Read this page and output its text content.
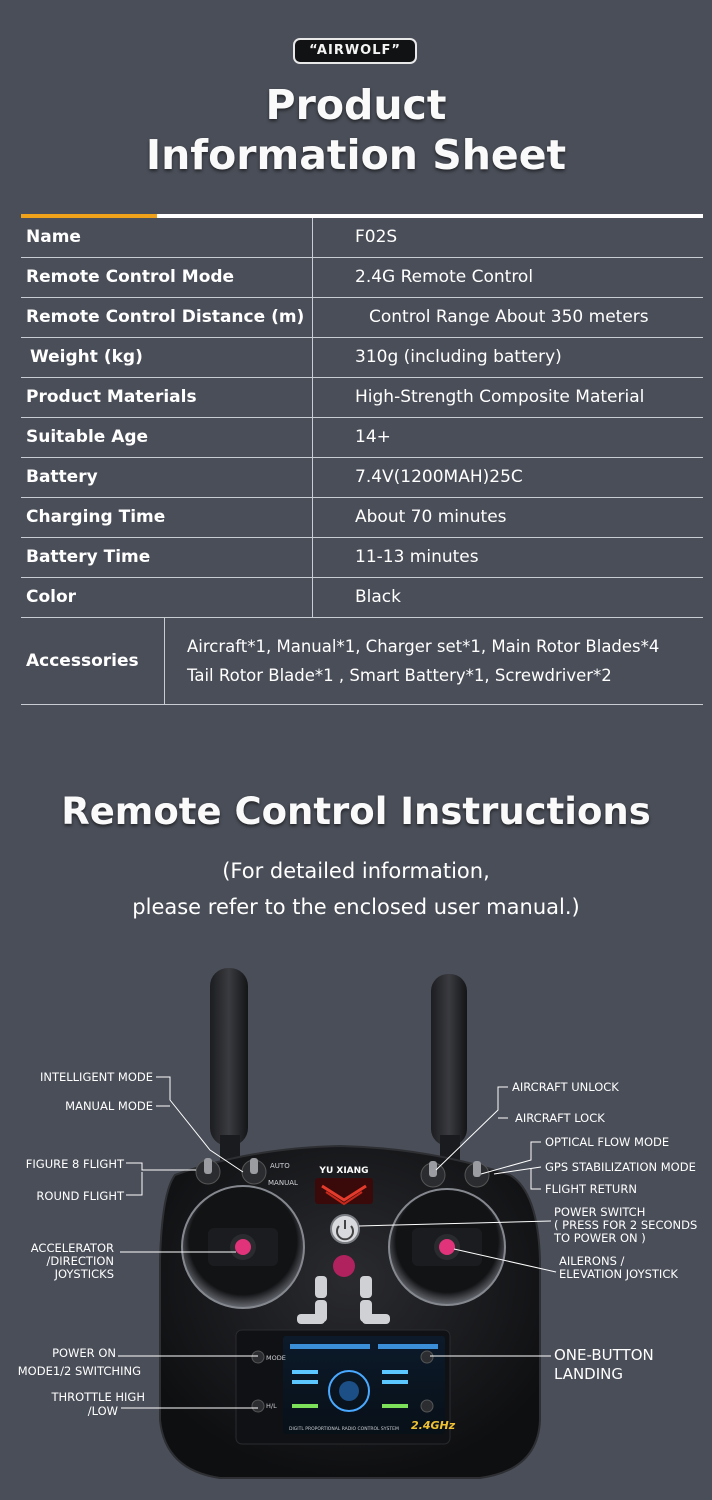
“AIRWOLF”
Product
Information Sheet
Name	F02S
Remote Control Mode	2.4G Remote Control
Remote Control Distance (m)	Control Range About 350 meters
Weight (kg)	310g (including battery)
Product Materials	High-Strength Composite Material
Suitable Age	14+
Battery	7.4V(1200MAH)25C
Charging Time	About 70 minutes
Battery Time	11-13 minutes
Color	Black
Accessories
Aircraft*1, Manual*1, Charger set*1, Main Rotor Blades*4
Tail Rotor Blade*1 , Smart Battery*1, Screwdriver*2
Remote Control Instructions
(For detailed information,
please refer to the enclosed user manual.)
AUTO
MANUAL
YU XIANG
2.4GHz
DIGITL PROPORTIONAL RADIO CONTROL SYSTEM
MODE
H/L
INTELLIGENT MODE
MANUAL MODE
FIGURE 8 FLIGHT
ROUND FLIGHT
ACCELERATOR
/DIRECTION
JOYSTICKS
POWER ON
MODE1/2 SWITCHING
THROTTLE HIGH
/LOW
AIRCRAFT UNLOCK
AIRCRAFT LOCK
OPTICAL FLOW MODE
GPS STABILIZATION MODE
FLIGHT RETURN
POWER SWITCH
( PRESS FOR 2 SECONDS
TO POWER ON )
AILERONS /
ELEVATION JOYSTICK
ONE-BUTTON
LANDING
